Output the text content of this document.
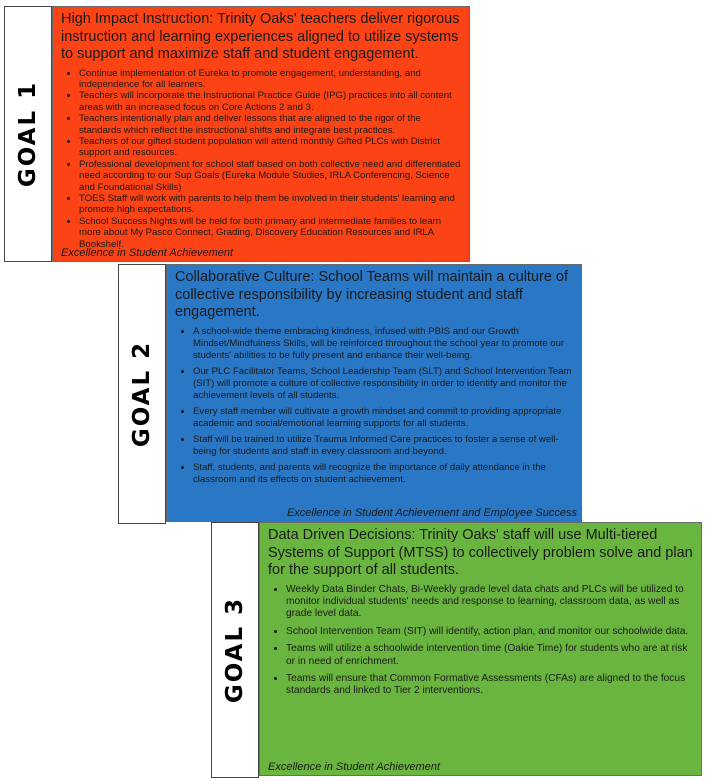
GOAL 1
High Impact Instruction: Trinity Oaks' teachers deliver rigorous instruction and learning experiences aligned to utilize systems to support and maximize staff and student engagement.
• Continue implementation of Eureka to promote engagement, understanding, and independence for all learners.
• Teachers will incorporate the Instructional Practice Guide (IPG) practices into all content areas with an increased focus on Core Actions 2 and 3.
• Teachers intentionally plan and deliver lessons that are aligned to the rigor of the standards which reflect the instructional shifts and integrate best practices.
• Teachers of our gifted student population will attend monthly Gifted PLCs with District support and resources.
• Professional development for school staff based on both collective need and differentiated need according to our Sup Goals (Eureka Module Studies, IRLA Conferencing, Science and Foundational Skills)
• TOES Staff will work with parents to help them be involved in their students' learning and promote high expectations.
• School Success Nights will be held for both primary and intermediate families to learn more about My Pasco Connect, Grading, Discovery Education Resources and IRLA Bookshelf.
Excellence in Student Achievement
GOAL 2
Collaborative Culture: School Teams will maintain a culture of collective responsibility by increasing student and staff engagement.
• A school-wide theme embracing kindness, infused with PBIS and our Growth Mindset/Mindfulness Skills, will be reinforced throughout the school year to promote our students' abilities to be fully present and enhance their well-being.
• Our PLC Facilitator Teams, School Leadership Team (SLT) and School Intervention Team (SIT) will promote a culture of collective responsibility in order to identify and monitor the achievement levels of all students.
• Every staff member will cultivate a growth mindset and commit to providing appropriate academic and social/emotional learning supports for all students.
• Staff will be trained to utilize Trauma Informed Care practices to foster a sense of well-being for students and staff in every classroom and beyond.
• Staff, students, and parents will recognize the importance of daily attendance in the classroom and its effects on student achievement.
Excellence in Student Achievement and Employee Success
GOAL 3
Data Driven Decisions: Trinity Oaks' staff will use Multi-tiered Systems of Support (MTSS) to collectively problem solve and plan for the support of all students.
• Weekly Data Binder Chats, Bi-Weekly grade level data chats and PLCs will be utilized to monitor individual students' needs and response to learning, classroom data, as well as grade level data.
• School Intervention Team (SIT) will identify, action plan, and monitor our schoolwide data.
• Teams will utilize a schoolwide intervention time (Oakie Time) for students who are at risk or in need of enrichment.
• Teams will ensure that Common Formative Assessments (CFAs) are aligned to the focus standards and linked to Tier 2 interventions.
Excellence in Student Achievement
